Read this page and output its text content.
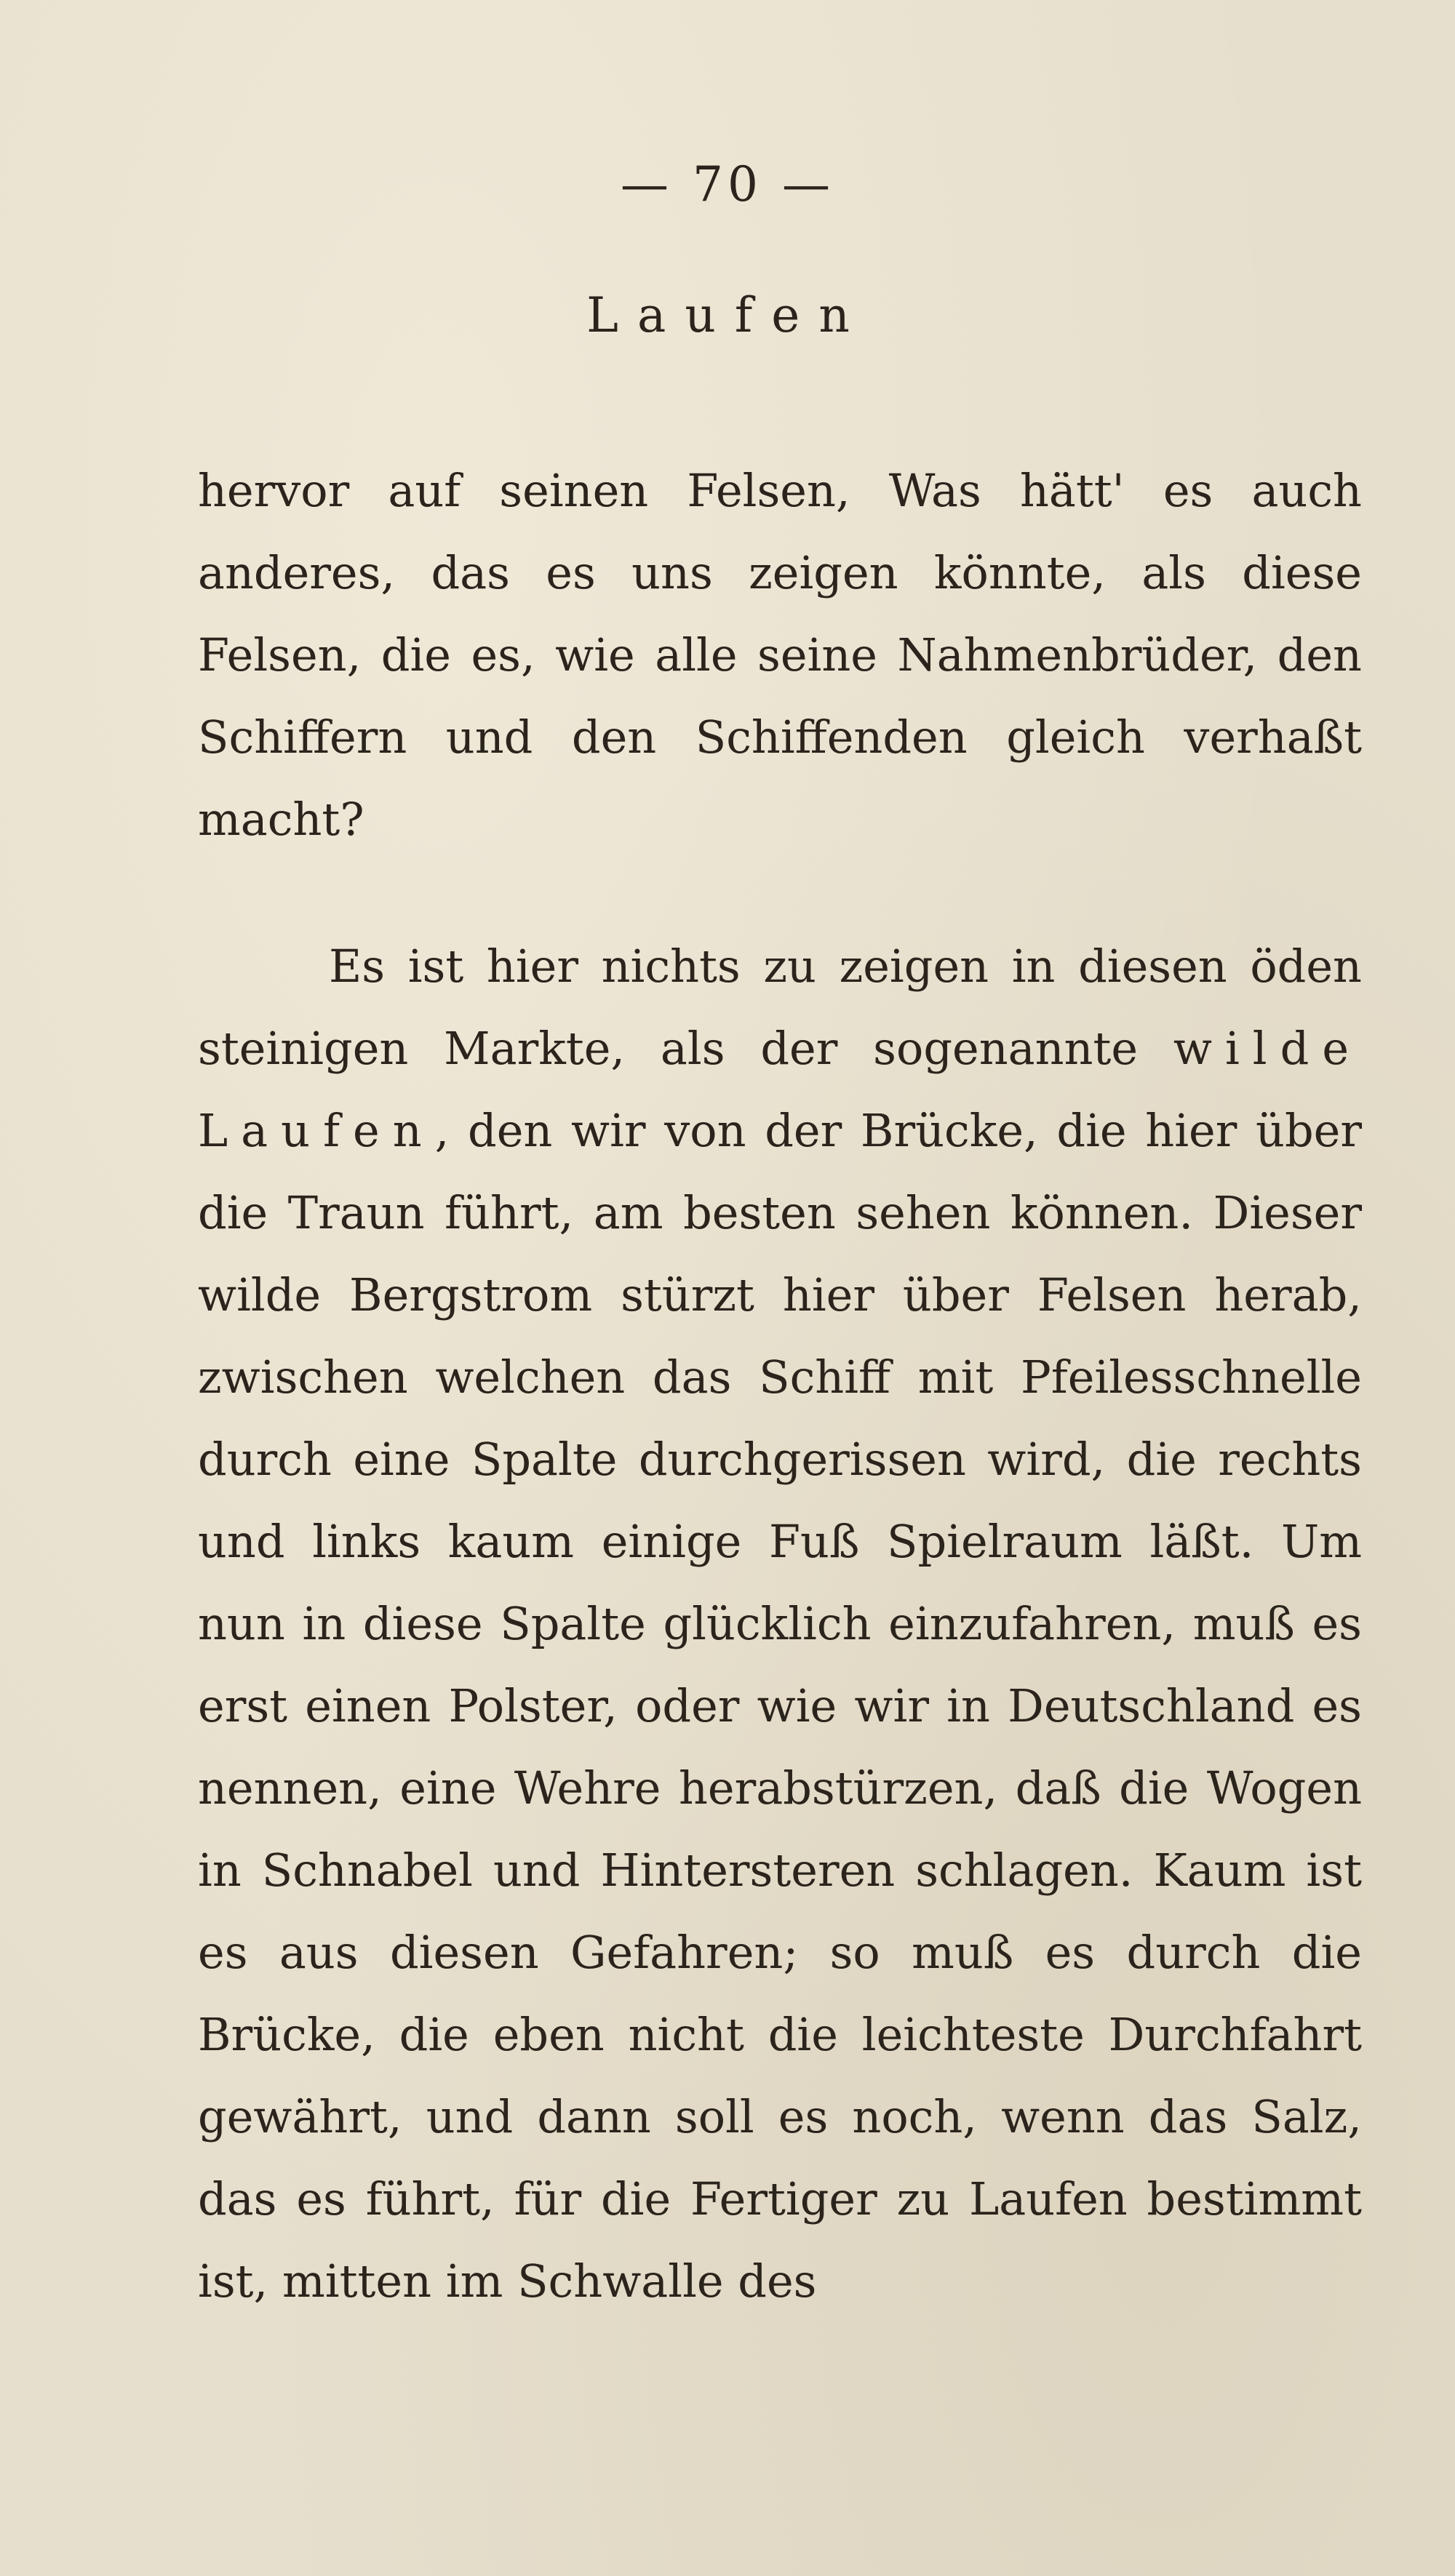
— 70 —
Laufen

hervor auf seinen Felsen, Was hätt' es auch anderes, das es uns zeigen könnte, als diese Felsen, die es, wie alle seine Nahmenbrüder, den Schiffern und den Schiffenden gleich verhaßt macht?

Es ist hier nichts zu zeigen in diesen öden steinigen Markte, als der sogenannte wilde Laufen, den wir von der Brücke, die hier über die Traun führt, am besten sehen können. Dieser wilde Bergstrom stürzt hier über Felsen herab, zwischen welchen das Schiff mit Pfeilesschnelle durch eine Spalte durchgerissen wird, die rechts und links kaum einige Fuß Spielraum läßt. Um nun in diese Spalte glücklich einzufahren, muß es erst einen Polster, oder wie wir in Deutschland es nennen, eine Wehre herabstürzen, daß die Wogen in Schnabel und Hintersteren schlagen. Kaum ist es aus diesen Gefahren; so muß es durch die Brücke, die eben nicht die leichteste Durchfahrt gewährt, und dann soll es noch, wenn das Salz, das es führt, für die Fertiger zu Laufen bestimmt ist, mitten im Schwalle des
